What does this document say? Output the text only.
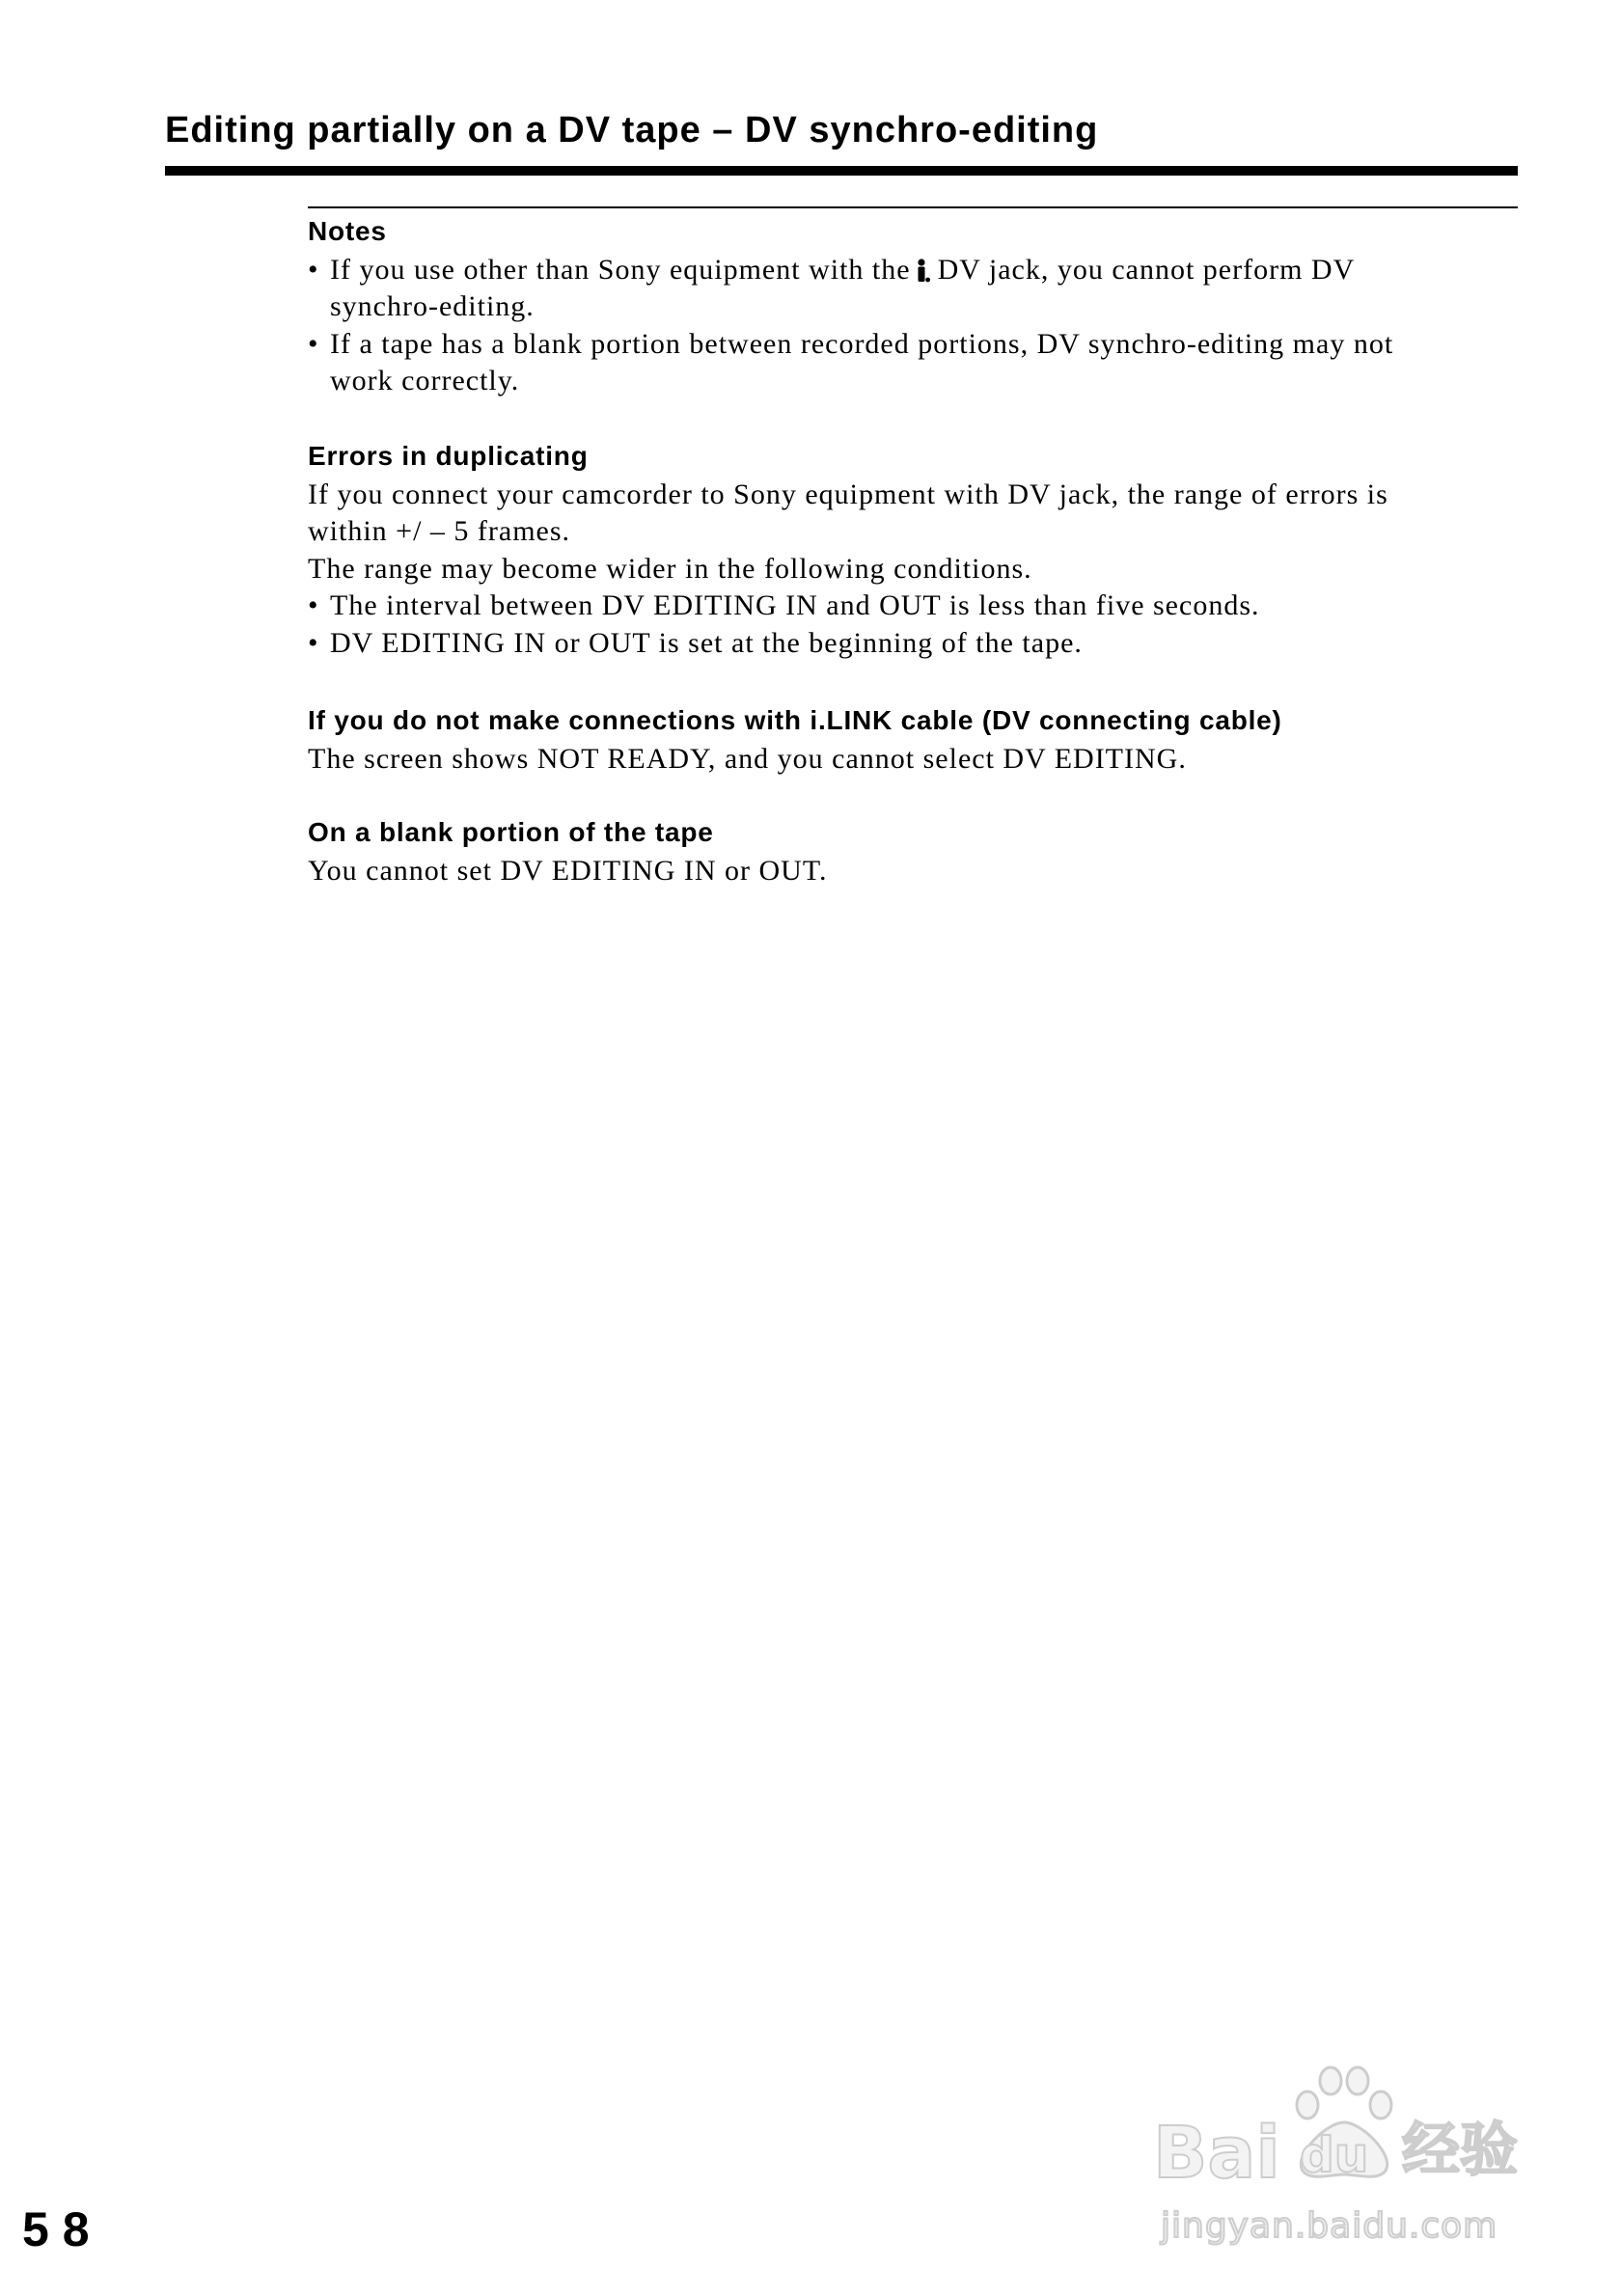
Editing partially on a DV tape – DV synchro-editing
Notes
• If you use other than Sony equipment with the DV jack, you cannot perform DV
synchro-editing.
• If a tape has a blank portion between recorded portions, DV synchro-editing may not
work correctly.
Errors in duplicating
If you connect your camcorder to Sony equipment with DV jack, the range of errors is
within +/ – 5 frames.
The range may become wider in the following conditions.
• The interval between DV EDITING IN and OUT is less than five seconds.
• DV EDITING IN or OUT is set at the beginning of the tape.
If you do not make connections with i.LINK cable (DV connecting cable)
The screen shows NOT READY, and you cannot select DV EDITING.
On a blank portion of the tape
You cannot set DV EDITING IN or OUT.
Bai du 经验
jingyan.baidu.com
58
